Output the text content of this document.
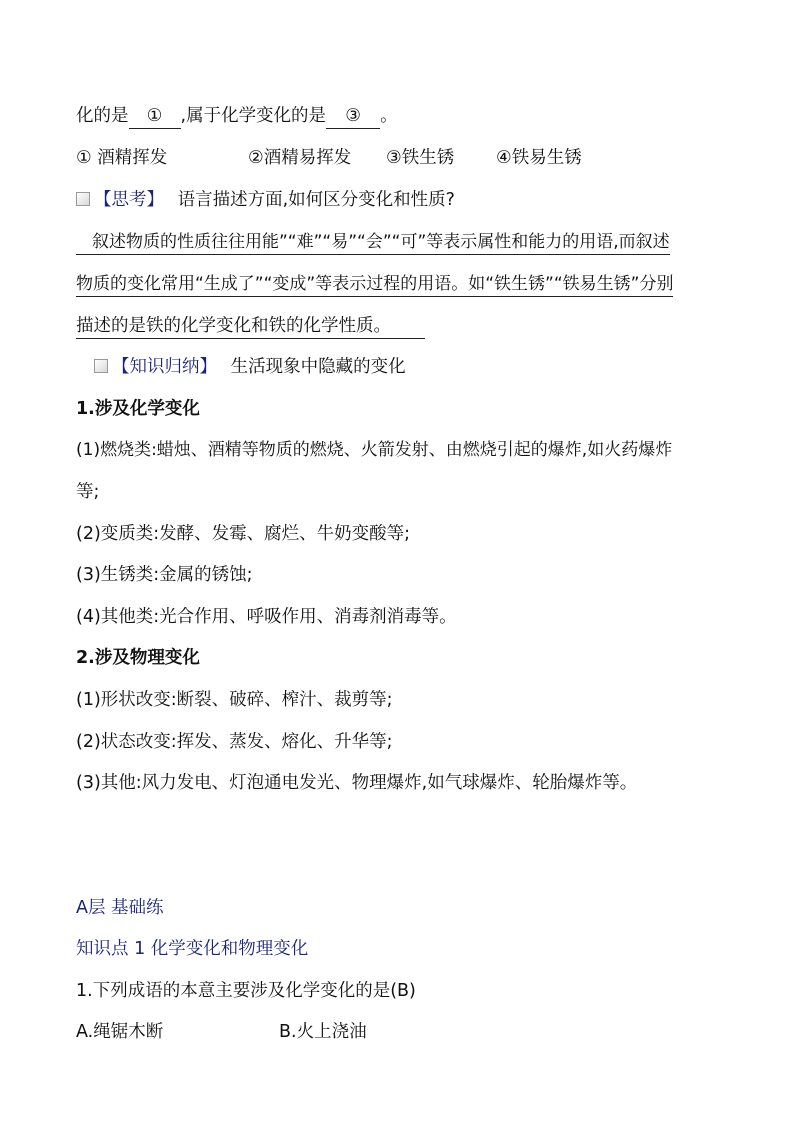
化的是 ① ,属于化学变化的是 ③ 。
① 酒精挥发	②酒精易挥发 ③铁生锈 ④铁易生锈
【思考】 语言描述方面,如何区分变化和性质?
叙述物质的性质往往用能”“难”“易”“会”“可”等表示属性和能力的用语,而叙述
物质的变化常用“生成了”“变成”等表示过程的用语。如“铁生锈”“铁易生锈”分别
描述的是铁的化学变化和铁的化学性质。
【知识归纳】 生活现象中隐藏的变化
1.涉及化学变化
(1)燃烧类:蜡烛、酒精等物质的燃烧、火箭发射、由燃烧引起的爆炸,如火药爆炸
等;
(2)变质类:发酵、发霉、腐烂、牛奶变酸等;
(3)生锈类:金属的锈蚀;
(4)其他类:光合作用、呼吸作用、消毒剂消毒等。
2.涉及物理变化
(1)形状改变:断裂、破碎、榨汁、裁剪等;
(2)状态改变:挥发、蒸发、熔化、升华等;
(3)其他:风力发电、灯泡通电发光、物理爆炸,如气球爆炸、轮胎爆炸等。
A层 基础练
知识点 1 化学变化和物理变化
1.下列成语的本意主要涉及化学变化的是(B)
A.绳锯木断	B.火上浇油
